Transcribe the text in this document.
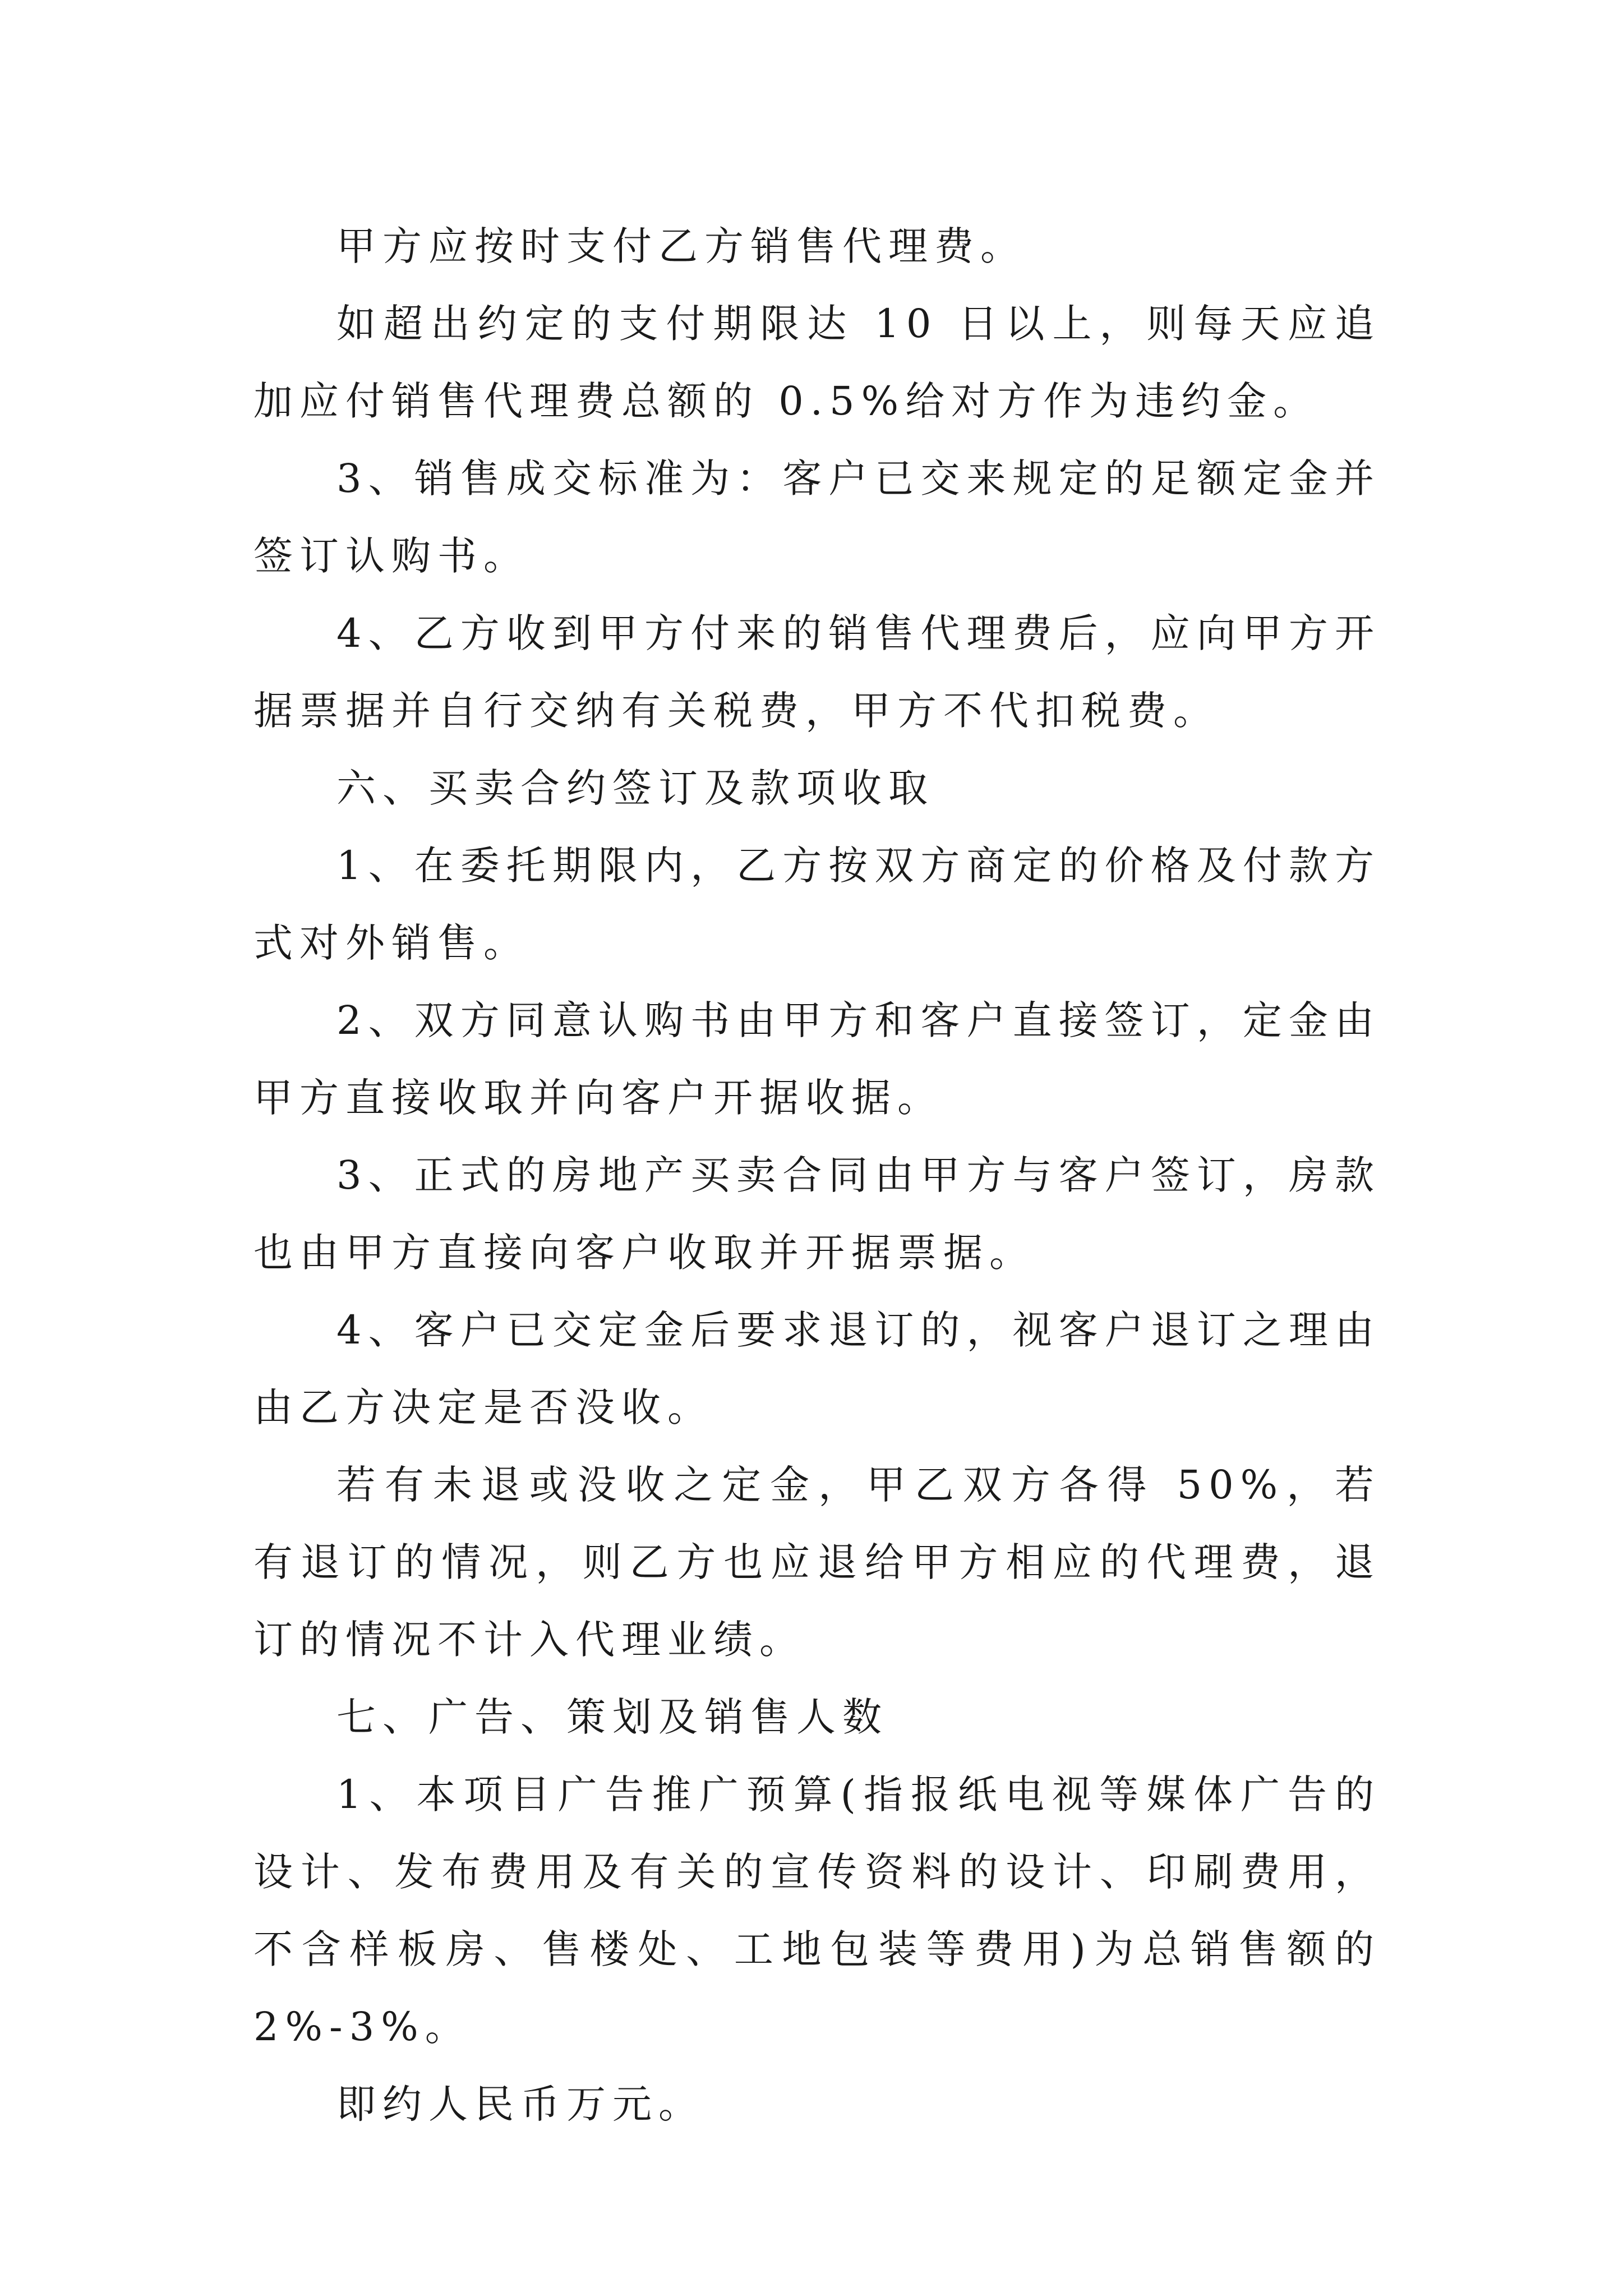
甲方应按时支付乙方销售代理费。

如超出约定的支付期限达 10 日以上，则每天应追加应付销售代理费总额的 0.5%给对方作为违约金。

3、销售成交标准为：客户已交来规定的足额定金并签订认购书。

4、乙方收到甲方付来的销售代理费后，应向甲方开据票据并自行交纳有关税费，甲方不代扣税费。

六、买卖合约签订及款项收取

1、在委托期限内，乙方按双方商定的价格及付款方式对外销售。

2、双方同意认购书由甲方和客户直接签订，定金由甲方直接收取并向客户开据收据。

3、正式的房地产买卖合同由甲方与客户签订，房款也由甲方直接向客户收取并开据票据。

4、客户已交定金后要求退订的，视客户退订之理由由乙方决定是否没收。

若有未退或没收之定金，甲乙双方各得 50%，若有退订的情况，则乙方也应退给甲方相应的代理费，退订的情况不计入代理业绩。

七、广告、策划及销售人数

1、本项目广告推广预算(指报纸电视等媒体广告的设计、发布费用及有关的宣传资料的设计、印刷费用，不含样板房、售楼处、工地包装等费用)为总销售额的 2%-3%。

即约人民币万元。
